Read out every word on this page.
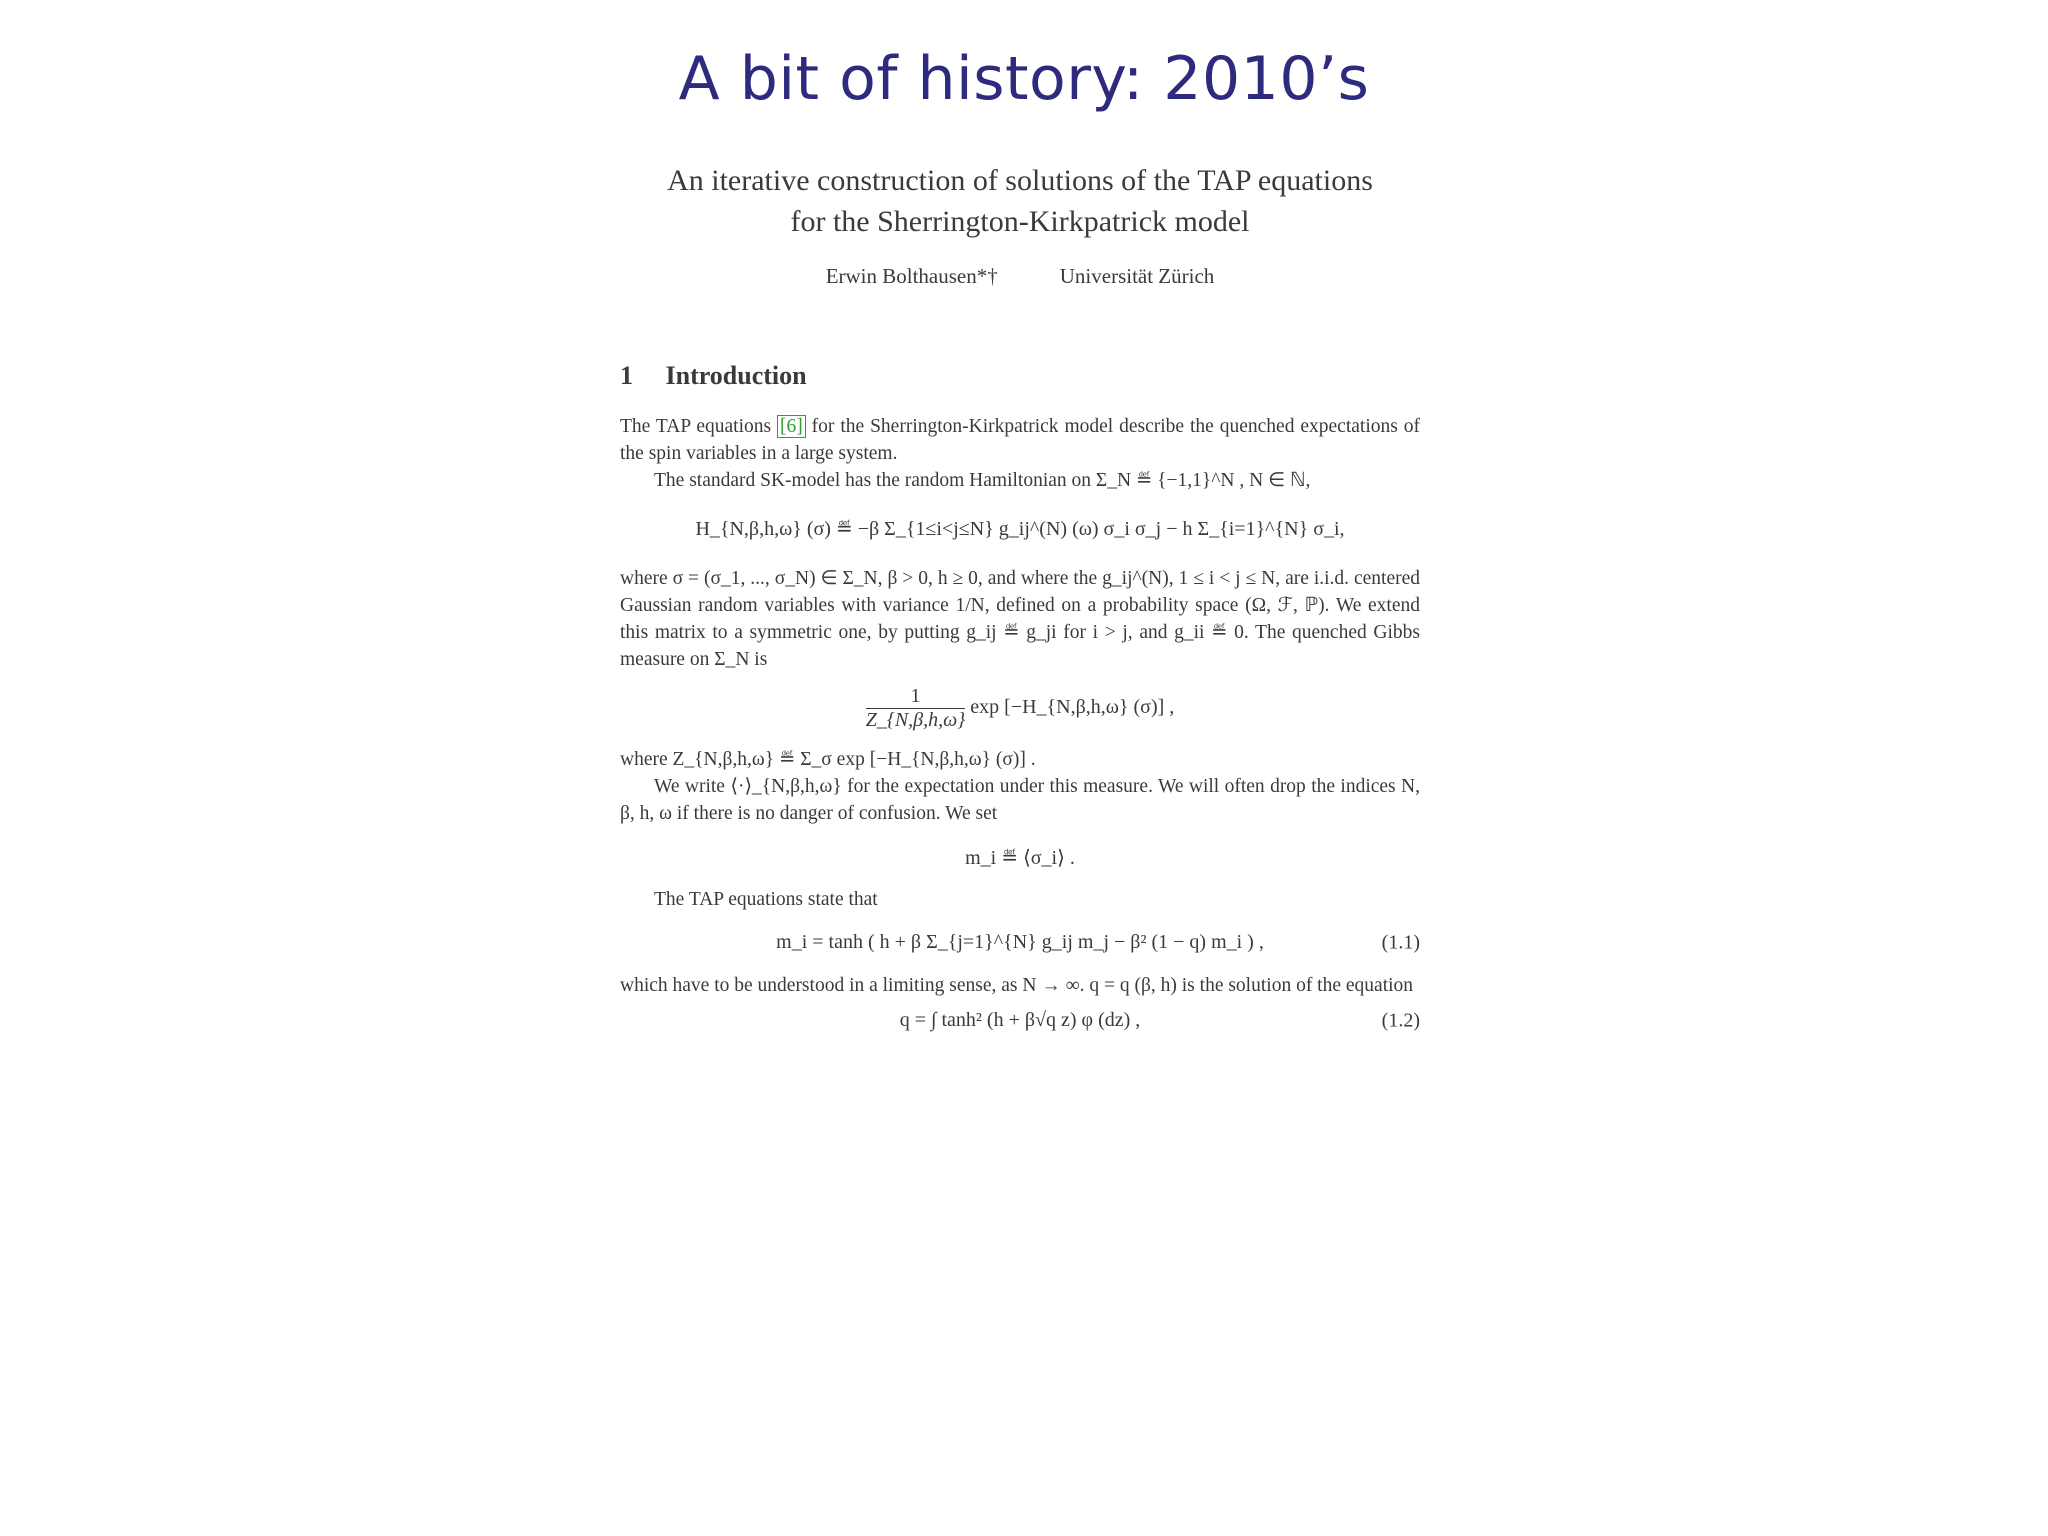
A bit of history: 2010’s
An iterative construction of solutions of the TAP equations
for the Sherrington-Kirkpatrick model
Erwin Bolthausen*†	Universität Zürich
1 Introduction

The TAP equations [6] for the Sherrington-Kirkpatrick model describe the quenched expectations of the spin variables in a large system.

The standard SK-model has the random Hamiltonian on Σ_N ≝ {−1,1}^N , N ∈ ℕ,

H_{N,β,h,ω} (σ) ≝ −β Σ_{1≤i<j≤N} g_ij^(N) (ω) σ_i σ_j − h Σ_{i=1}^{N} σ_i,

where σ = (σ_1, ..., σ_N) ∈ Σ_N, β > 0, h ≥ 0, and where the g_ij^(N), 1 ≤ i < j ≤ N, are i.i.d. centered Gaussian random variables with variance 1/N, defined on a probability space (Ω, ℱ, ℙ). We extend this matrix to a symmetric one, by putting g_ij ≝ g_ji for i > j, and g_ii ≝ 0. The quenched Gibbs measure on Σ_N is

$\frac{1}{Z\_\{N,\beta,h,\omega\}}$ exp [−H_{N,β,h,ω} (σ)] ,

where Z_{N,β,h,ω} ≝ Σ_σ exp [−H_{N,β,h,ω} (σ)] .

We write ⟨·⟩_{N,β,h,ω} for the expectation under this measure. We will often drop the indices N, β, h, ω if there is no danger of confusion. We set

m_i ≝ ⟨σ_i⟩ .

The TAP equations state that

m_i = tanh ( h + β Σ_{j=1}^{N} g_ij m_j − β² (1 − q) m_i ) ,	(1.1)

which have to be understood in a limiting sense, as N → ∞. q = q (β, h) is the solution of the equation

q = ∫ tanh² (h + β√q z) φ (dz) ,	(1.2)
